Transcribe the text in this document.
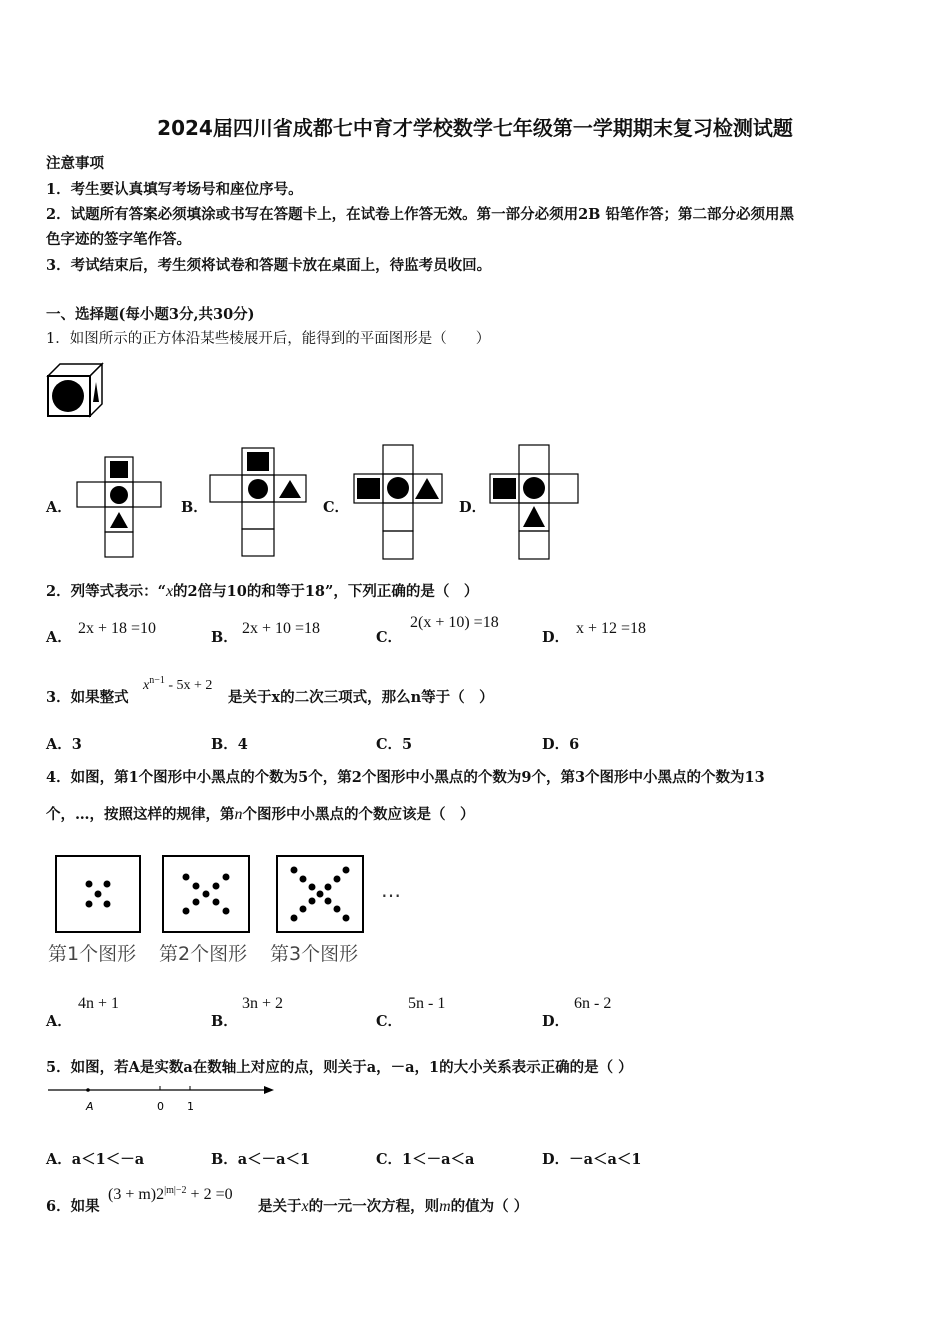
2024届四川省成都七中育才学校数学七年级第一学期期末复习检测试题
注意事项
1．考生要认真填写考场号和座位序号。
2．试题所有答案必须填涂或书写在答题卡上，在试卷上作答无效。第一部分必须用2B 铅笔作答；第二部分必须用黑
色字迹的签字笔作答。
3．考试结束后，考生须将试卷和答题卡放在桌面上，待监考员收回。
一、选择题(每小题3分,共30分)
1．如图所示的正方体沿某些棱展开后，能得到的平面图形是（　　）
A．	B．	C．	D．
2．列等式表示：“x的2倍与10的和等于18”，下列正确的是（　）
A．
2x + 18 =10
B．
2x + 10 =18
C．
2(x + 10) =18
D．
x + 12 =18
3．如果整式
$x^{n-1} - 5x + 2$
是关于x的二次三项式，那么n等于（　）
A．3	B．4	C．5	D．6
4．如图，第1个图形中小黑点的个数为5个，第2个图形中小黑点的个数为9个，第3个图形中小黑点的个数为13
个，…，按照这样的规律，第n个图形中小黑点的个数应该是（　）
…
第1个图形 第2个图形 第3个图形
A．
4n + 1
B．
3n + 2
C．
5n - 1
D．
6n - 2
5．如图，若A是实数a在数轴上对应的点，则关于a，－a，1的大小关系表示正确的是（ ）
A	0 1
A．a＜1＜－a	B．a＜－a＜1	C．1＜－a＜a	D．－a＜a＜1
6．如果
$(3 + m)2^{|m|-2} + 2 =0$
是关于x的一元一次方程，则m的值为（ ）
